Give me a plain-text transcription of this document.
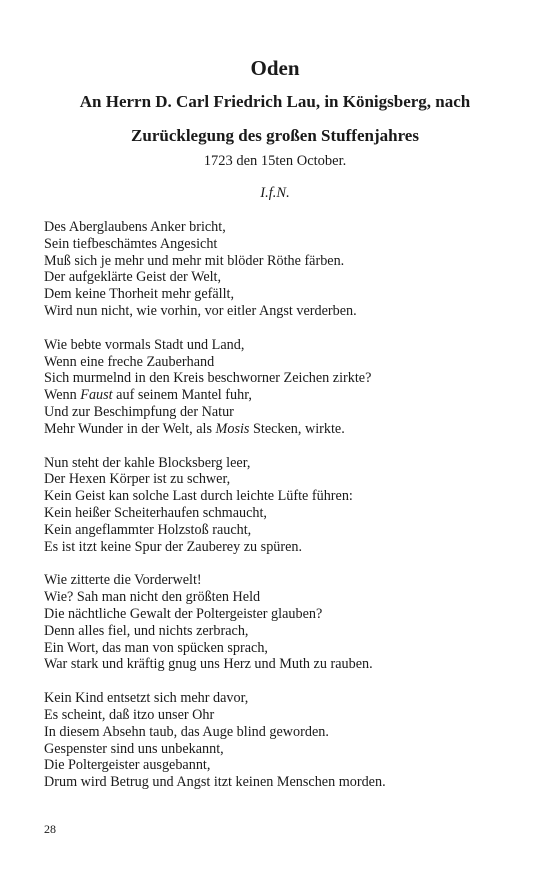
Oden
An Herrn D. Carl Friedrich Lau, in Königsberg, nach
Zurücklegung des großen Stuffenjahres
1723 den 15ten October.
I.f.N.
Des Aberglaubens Anker bricht,
Sein tiefbeschämtes Angesicht
Muß sich je mehr und mehr mit blöder Röthe färben.
Der aufgeklärte Geist der Welt,
Dem keine Thorheit mehr gefällt,
Wird nun nicht, wie vorhin, vor eitler Angst verderben.
Wie bebte vormals Stadt und Land,
Wenn eine freche Zauberhand
Sich murmelnd in den Kreis beschworner Zeichen zirkte?
Wenn Faust auf seinem Mantel fuhr,
Und zur Beschimpfung der Natur
Mehr Wunder in der Welt, als Mosis Stecken, wirkte.
Nun steht der kahle Blocksberg leer,
Der Hexen Körper ist zu schwer,
Kein Geist kan solche Last durch leichte Lüfte führen:
Kein heißer Scheiterhaufen schmaucht,
Kein angeflammter Holzstoß raucht,
Es ist itzt keine Spur der Zauberey zu spüren.
Wie zitterte die Vorderwelt!
Wie? Sah man nicht den größten Held
Die nächtliche Gewalt der Poltergeister glauben?
Denn alles fiel, und nichts zerbrach,
Ein Wort, das man von spücken sprach,
War stark und kräftig gnug uns Herz und Muth zu rauben.
Kein Kind entsetzt sich mehr davor,
Es scheint, daß itzo unser Ohr
In diesem Absehn taub, das Auge blind geworden.
Gespenster sind uns unbekannt,
Die Poltergeister ausgebannt,
Drum wird Betrug und Angst itzt keinen Menschen morden.
28
